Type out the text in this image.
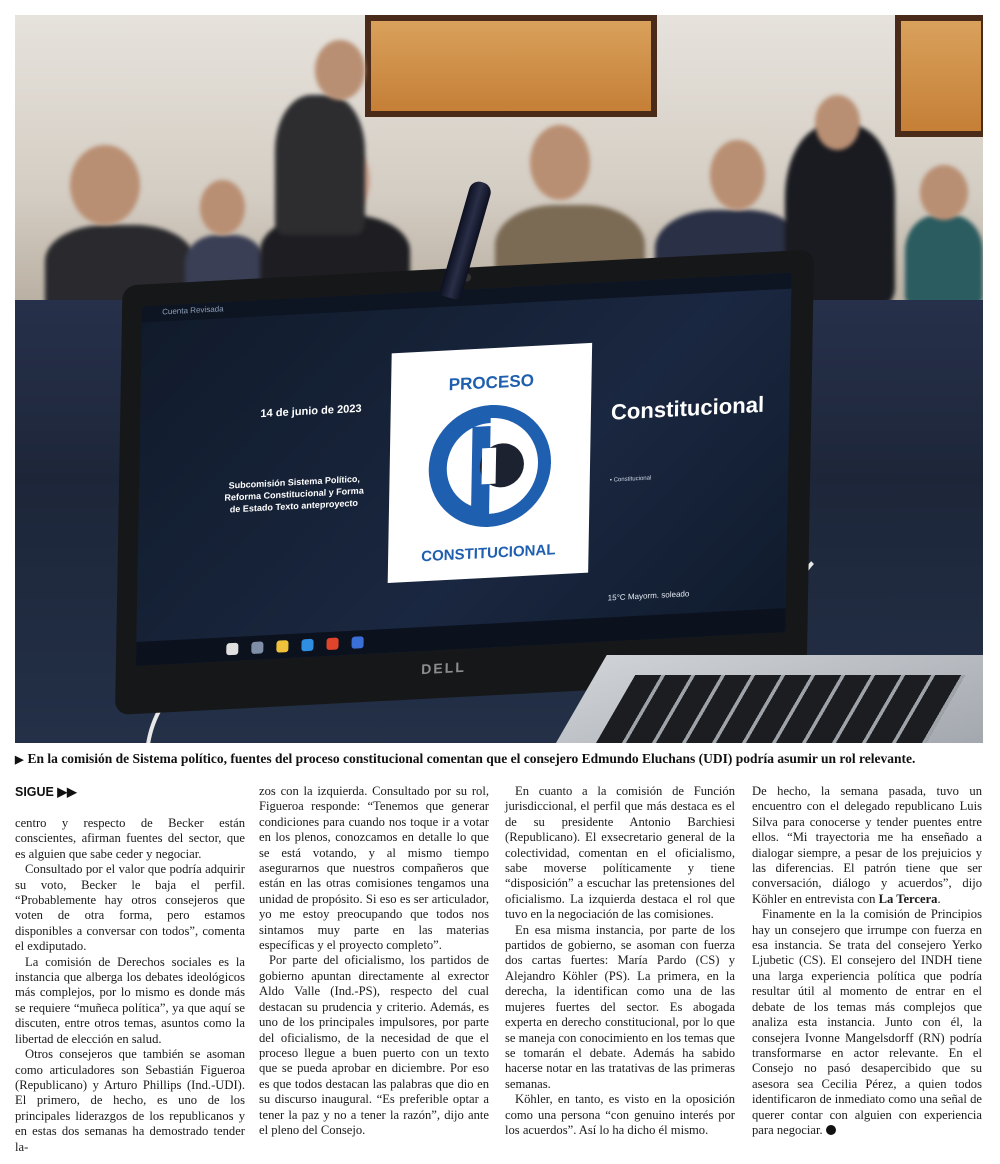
Cuenta Revisada
14 de junio de 2023
Subcomisión Sistema Político, Reforma Constitucional y Forma de Estado Texto anteproyecto
PROCESO
CONSTITUCIONAL
Constitucional
▪ Constitucional
15°C Mayorm. soleado
DELL
▶ En la comisión de Sistema político, fuentes del proceso constitucional comentan que el consejero Edmundo Eluchans (UDI) podría asumir un rol relevante.
SIGUE ▶▶

centro y respecto de Becker están conscientes, afirman fuentes del sector, que es alguien que sabe ceder y negociar.

Consultado por el valor que podría adquirir su voto, Becker le baja el perfil. “Probablemente hay otros consejeros que voten de otra forma, pero estamos disponibles a conversar con todos”, comenta el exdiputado.

La comisión de Derechos sociales es la instancia que alberga los debates ideológicos más complejos, por lo mismo es donde más se requiere “muñeca política”, ya que aquí se discuten, entre otros temas, asuntos como la libertad de elección en salud.

Otros consejeros que también se asoman como articuladores son Sebastián Figueroa (Republicano) y Arturo Phillips (Ind.-UDI). El primero, de hecho, es uno de los principales liderazgos de los republicanos y en estas dos semanas ha demostrado tender la-

zos con la izquierda. Consultado por su rol, Figueroa responde: “Tenemos que generar condiciones para cuando nos toque ir a votar en los plenos, conozcamos en detalle lo que se está votando, y al mismo tiempo asegurarnos que nuestros compañeros que están en las otras comisiones tengamos una unidad de propósito. Si eso es ser articulador, yo me estoy preocupando que todos nos sintamos muy parte en las materias específicas y el proyecto completo”.

Por parte del oficialismo, los partidos de gobierno apuntan directamente al exrector Aldo Valle (Ind.-PS), respecto del cual destacan su prudencia y criterio. Además, es uno de los principales impulsores, por parte del oficialismo, de la necesidad de que el proceso llegue a buen puerto con un texto que se pueda aprobar en diciembre. Por eso es que todos destacan las palabras que dio en su discurso inaugural. “Es preferible optar a tener la paz y no a tener la razón”, dijo ante el pleno del Consejo.

En cuanto a la comisión de Función jurisdiccional, el perfil que más destaca es el de su presidente Antonio Barchiesi (Republicano). El exsecretario general de la colectividad, comentan en el oficialismo, sabe moverse políticamente y tiene “disposición” a escuchar las pretensiones del oficialismo. La izquierda destaca el rol que tuvo en la negociación de las comisiones.

En esa misma instancia, por parte de los partidos de gobierno, se asoman con fuerza dos cartas fuertes: María Pardo (CS) y Alejandro Köhler (PS). La primera, en la derecha, la identifican como una de las mujeres fuertes del sector. Es abogada experta en derecho constitucional, por lo que se maneja con conocimiento en los temas que se tomarán el debate. Además ha sabido hacerse notar en las tratativas de las primeras semanas.

Köhler, en tanto, es visto en la oposición como una persona “con genuino interés por los acuerdos”. Así lo ha dicho él mismo.

De hecho, la semana pasada, tuvo un encuentro con el delegado republicano Luis Silva para conocerse y tender puentes entre ellos. “Mi trayectoria me ha enseñado a dialogar siempre, a pesar de los prejuicios y las diferencias. El patrón tiene que ser conversación, diálogo y acuerdos”, dijo Köhler en entrevista con La Tercera.

Finamente en la la comisión de Principios hay un consejero que irrumpe con fuerza en esa instancia. Se trata del consejero Yerko Ljubetic (CS). El consejero del INDH tiene una larga experiencia política que podría resultar útil al momento de entrar en el debate de los temas más complejos que analiza esta instancia. Junto con él, la consejera Ivonne Mangelsdorff (RN) podría transformarse en actor relevante. En el Consejo no pasó desapercibido que su asesora sea Cecilia Pérez, a quien todos identificaron de inmediato como una señal de querer contar con alguien con experiencia para negociar.
